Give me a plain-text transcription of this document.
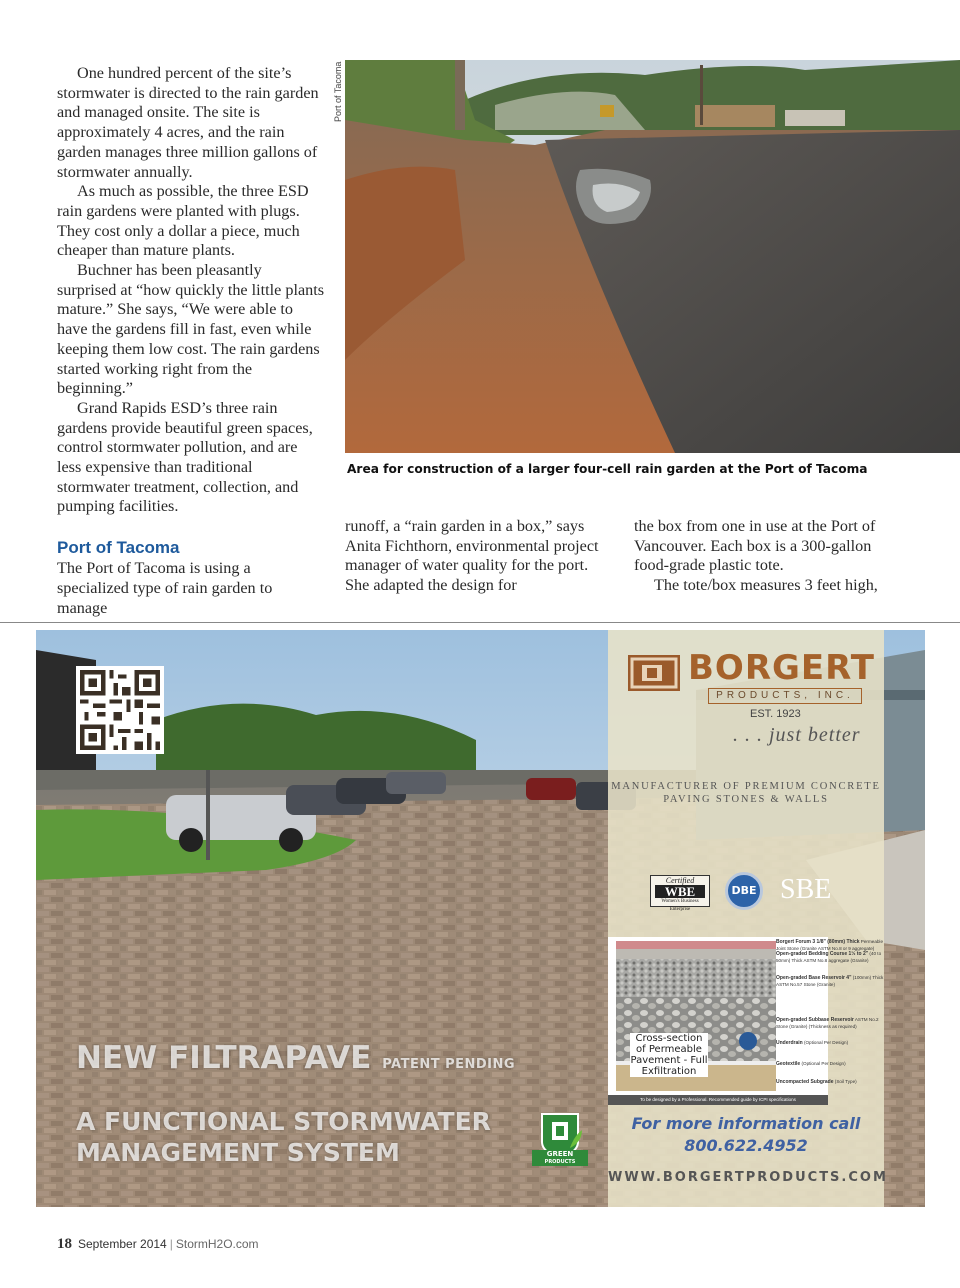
One hundred percent of the site’s stormwater is directed to the rain garden and managed onsite. The site is approximately 4 acres, and the rain garden manages three million gallons of stormwater annually.

As much as possible, the three ESD rain gardens were planted with plugs. They cost only a dollar a piece, much cheaper than mature plants.

Buchner has been pleasantly surprised at “how quickly the little plants mature.” She says, “We were able to have the gardens fill in fast, even while keeping them low cost. The rain gardens started working right from the beginning.”

Grand Rapids ESD’s three rain gardens provide beautiful green spaces, control stormwater pollution, and are less expensive than traditional stormwater treatment, collection, and pumping facilities.

Port of Tacoma

The Port of Tacoma is using a specialized type of rain garden to manage

Port of Tacoma
Area for construction of a larger four-cell rain garden at the Port of Tacoma

runoff, a “rain garden in a box,” says Anita Fichthorn, environmental project manager of water quality for the port. She adapted the design for

the box from one in use at the Port of Vancouver. Each box is a 300-gallon food-grade plastic tote.

The tote/box measures 3 feet high,

NEW FILTRAPAVE PATENT PENDING
A FUNCTIONAL STORMWATER
MANAGEMENT SYSTEM	GREEN
PRODUCTS
BORGERT
PRODUCTS, INC.
EST. 1923
. . . just better
MANUFACTURER OF PREMIUM CONCRETE
PAVING STONES & WALLS
Certified
WBE
Women's Business Enterprise
DBE SBE
Borgert Forum 3 1/8" (80mm) Thick Permeable Joint Stone (Granite ASTM No.8 or 9 aggregate)
Open-graded Bedding Course 1½ to 2" (40 to 50mm) Thick ASTM No.8 aggregate (Granite)
Open-graded Base Reservoir 4" (100mm) Thick ASTM No.57 Stone (Granite)
Open-graded Subbase Reservoir ASTM No.2 Stone (Granite) (Thickness as required)
Underdrain (Optional Per Design)
Geotextile (Optional Per Design)
Uncompacted Subgrade (Soil Type)
Cross-section of Permeable Pavement - Full Exfiltration
To be designed by a Professional. Recommended guide by ICPI specifications
For more information call
800.622.4952
WWW.BORGERTPRODUCTS.COM
18 September 2014 | StormH2O.com
